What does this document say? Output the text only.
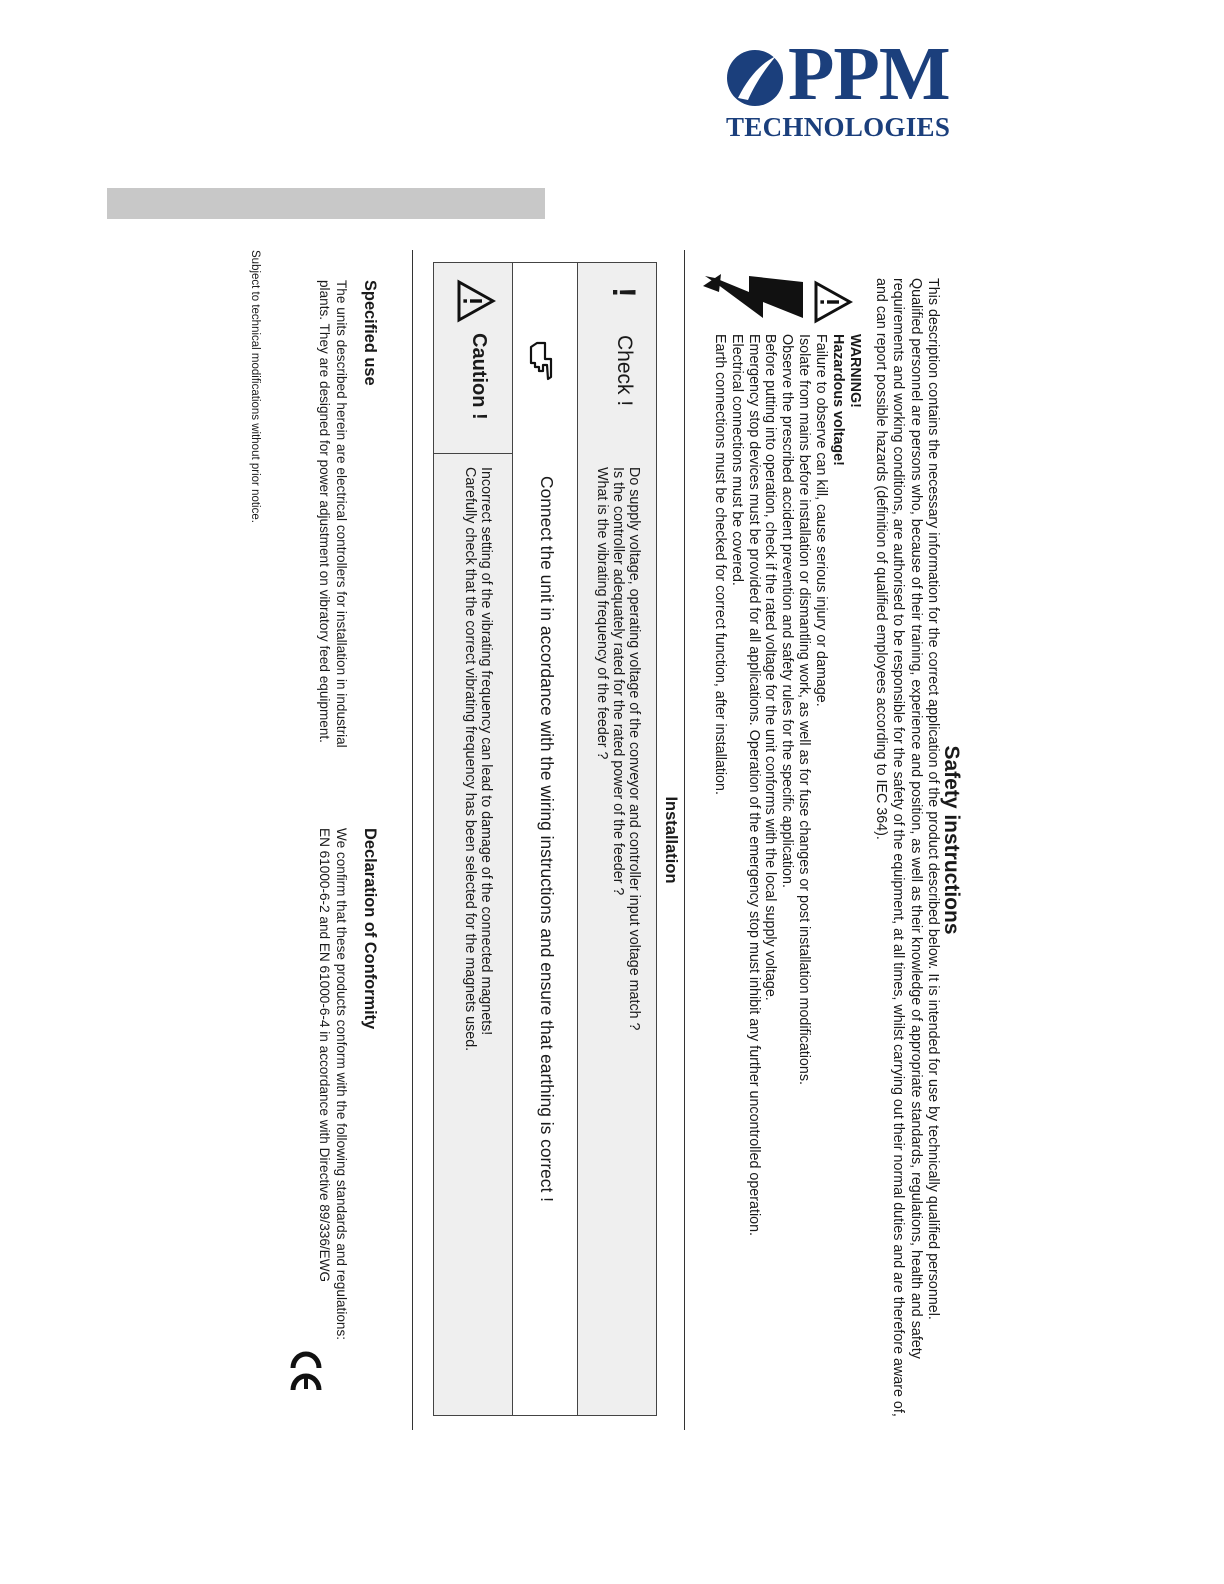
PPM
TECHNOLOGIES
Safety instructions

This description contains the necessary information for the correct application of the product described below. It is intended for use by technically qualified personnel.

Qualified personnel are persons who, because of their training, experience and position, as well as their knowledge of appropriate standards, regulations, health and safety requirements and working conditions, are authorised to be responsible for the safety of the equipment, at all times, whilst carrying out their normal duties and are therefore aware of, and can report possible hazards (definition of qualified employees according to IEC 364).

WARNING!
Hazardous voltage!
Failure to observe can kill, cause serious injury or damage.
Isolate from mains before installation or dismantling work, as well as for fuse changes or post installation modifications.
Observe the prescribed accident prevention and safety rules for the specific application.
Before putting into operation, check if the rated voltage for the unit conforms with the local supply voltage.
Emergency stop devices must be provided for all applications. Operation of the emergency stop must inhibit any further uncontrolled operation.
Electrical connections must be covered.
Earth connections must be checked for correct function, after installation.
Installation
!
Check !
Do supply voltage, operating voltage of the conveyor and controller input voltage match ?
Is the controller adequately rated for the rated power of the feeder ?
What is the vibrating frequency of the feeder ?
Connect the unit in accordance with the wiring instructions and ensure that earthing is correct !
Caution !
Incorrect setting of the vibrating frequency can lead to damage of the connected magnets!
Carefully check that the correct vibrating frequency has been selected for the magnets used.
Specified use
The units described herein are electrical controllers for installation in industrial
plants. They are designed for power adjustment on vibratory feed equipment.
Declaration of Conformity
We confirm that these products conform with the following standards and regulations:
EN 61000-6-2 and EN 61000-6-4 in accordance with Directive 89/336/EWG
Subject to technical modifications without prior notice.
